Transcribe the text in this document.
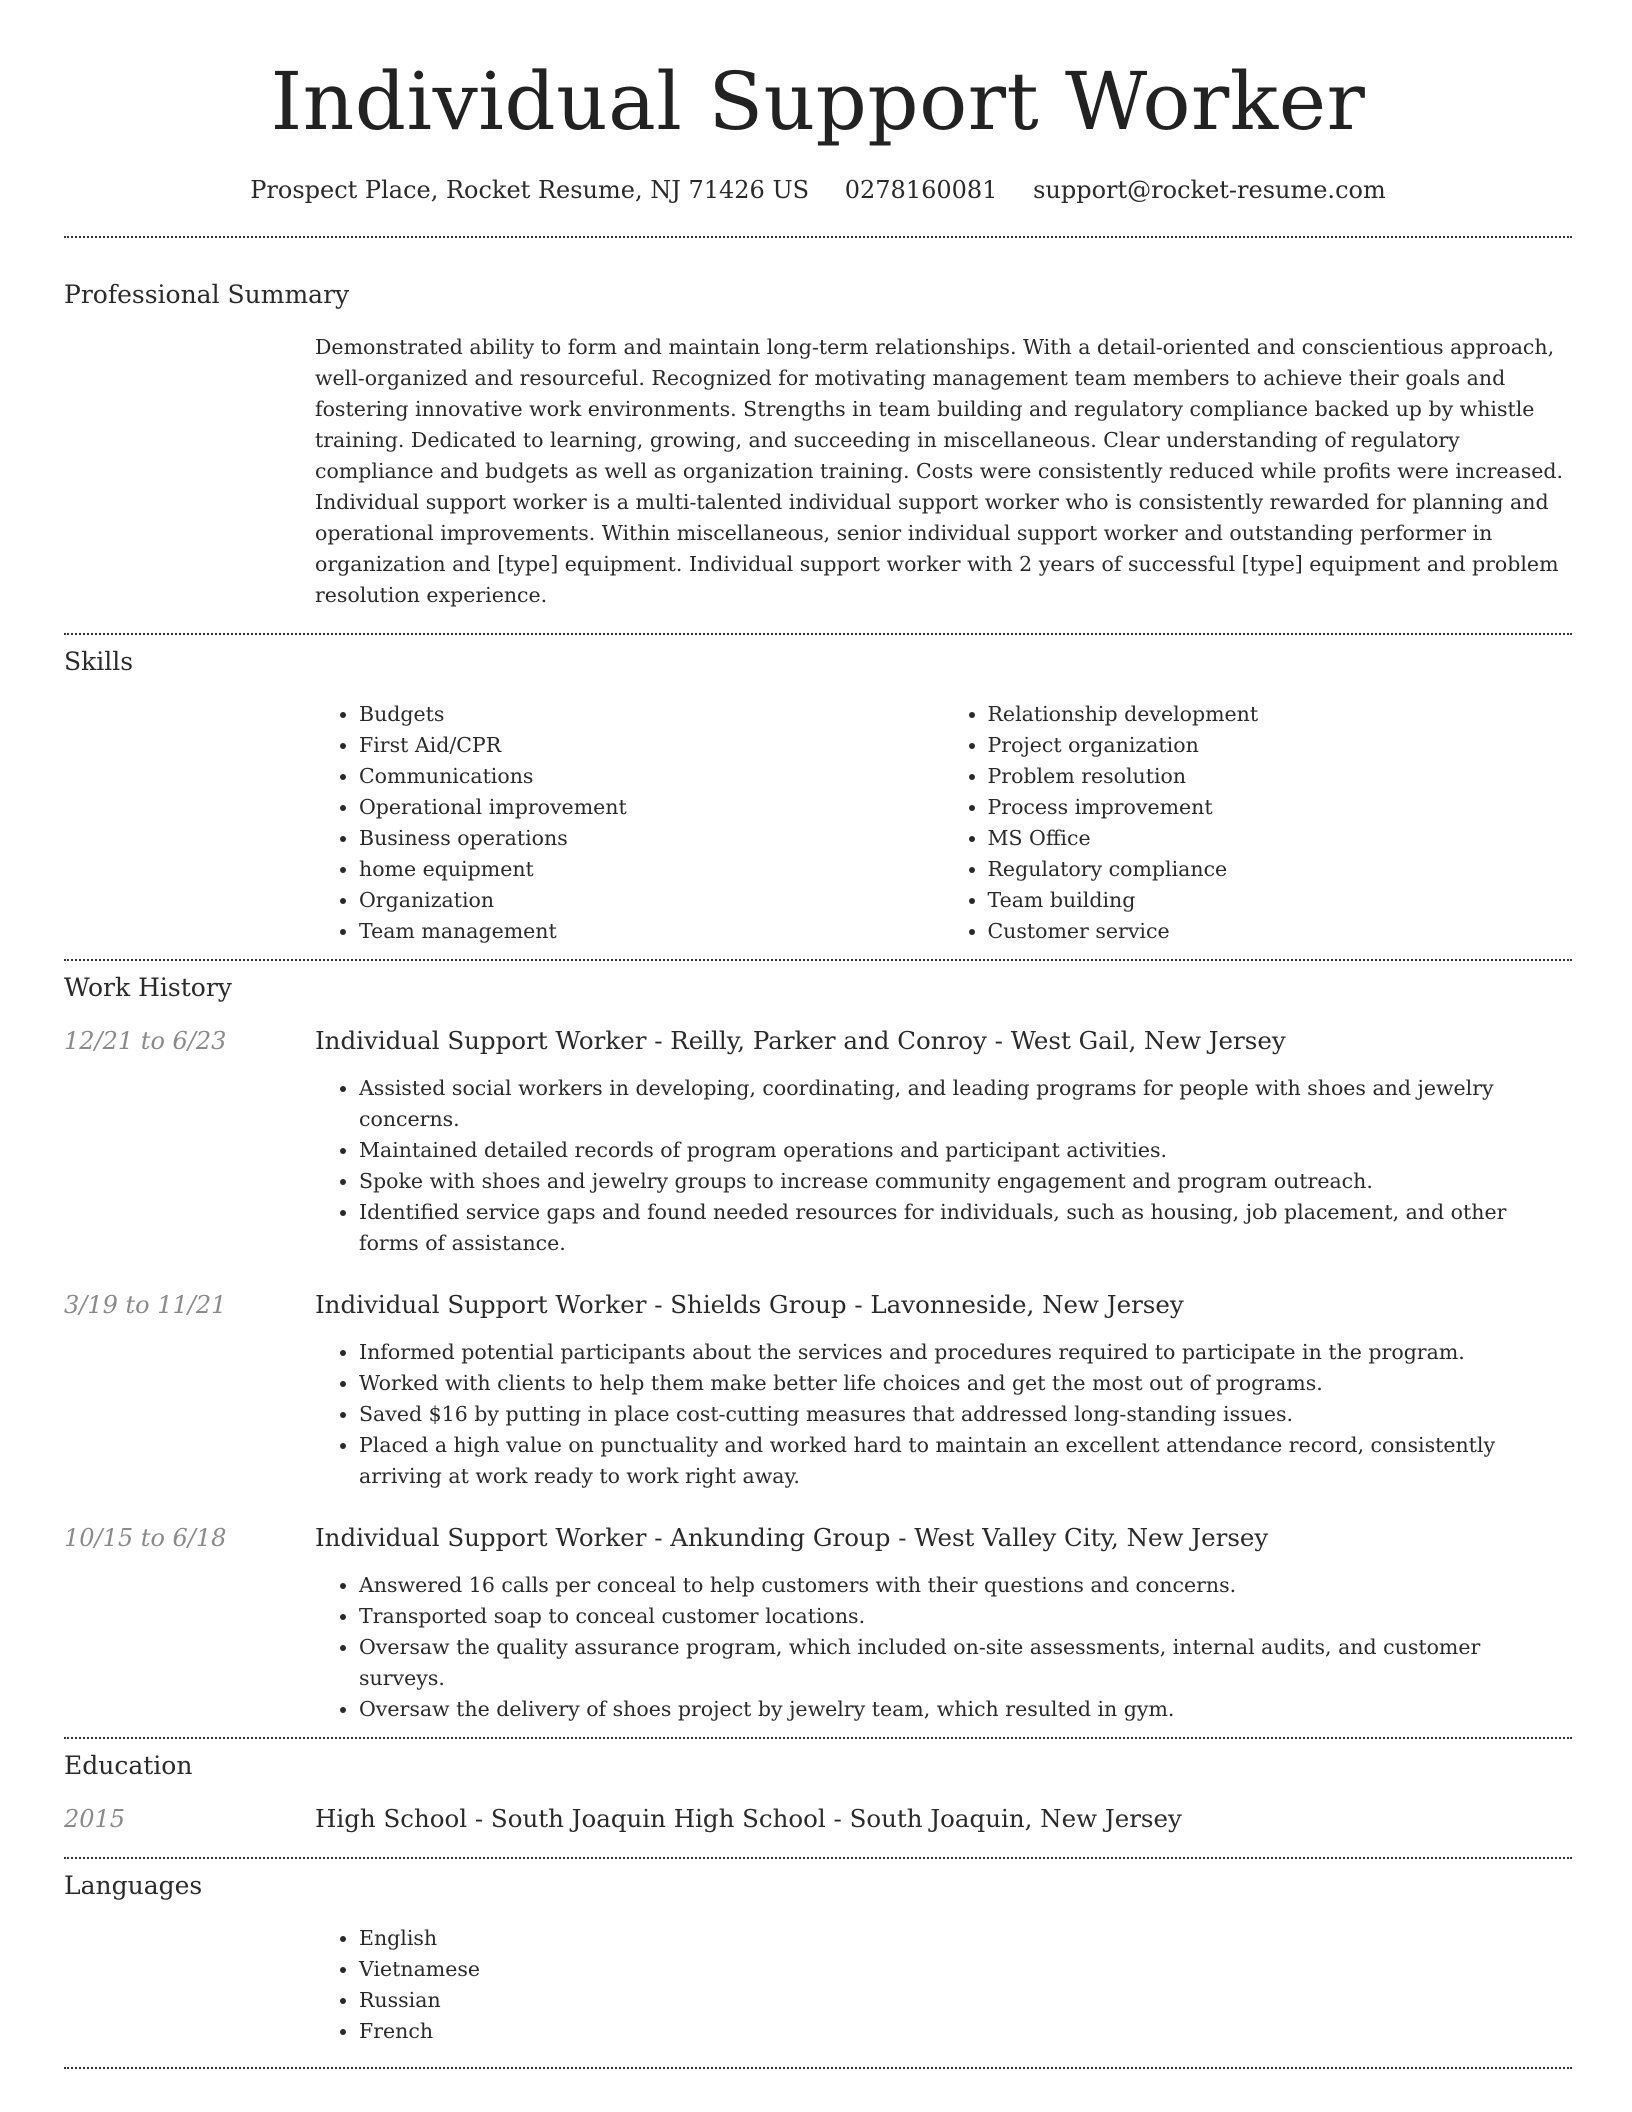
Individual Support Worker
Prospect Place, Rocket Resume, NJ 71426 US 0278160081 support@rocket-resume.com
Professional Summary

Demonstrated ability to form and maintain long-term relationships. With a detail-oriented and conscientious approach, well-organized and resourceful. Recognized for motivating management team members to achieve their goals and fostering innovative work environments. Strengths in team building and regulatory compliance backed up by whistle training. Dedicated to learning, growing, and succeeding in miscellaneous. Clear understanding of regulatory compliance and budgets as well as organization training. Costs were consistently reduced while profits were increased. Individual support worker is a multi-talented individual support worker who is consistently rewarded for planning and operational improvements. Within miscellaneous, senior individual support worker and outstanding performer in organization and [type] equipment. Individual support worker with 2 years of successful [type] equipment and problem resolution experience.

Skills
• Budgets
• First Aid/CPR
• Communications
• Operational improvement
• Business operations
• home equipment
• Organization
• Team management
• Relationship development
• Project organization
• Problem resolution
• Process improvement
• MS Office
• Regulatory compliance
• Team building
• Customer service
Work History
12/21 to 6/23	Individual Support Worker - Reilly, Parker and Conroy - West Gail, New Jersey
• Assisted social workers in developing, coordinating, and leading programs for people with shoes and jewelry concerns.
• Maintained detailed records of program operations and participant activities.
• Spoke with shoes and jewelry groups to increase community engagement and program outreach.
• Identified service gaps and found needed resources for individuals, such as housing, job placement, and other forms of assistance.
3/19 to 11/21	Individual Support Worker - Shields Group - Lavonneside, New Jersey
• Informed potential participants about the services and procedures required to participate in the program.
• Worked with clients to help them make better life choices and get the most out of programs.
• Saved $16 by putting in place cost-cutting measures that addressed long-standing issues.
• Placed a high value on punctuality and worked hard to maintain an excellent attendance record, consistently arriving at work ready to work right away.
10/15 to 6/18	Individual Support Worker - Ankunding Group - West Valley City, New Jersey
• Answered 16 calls per conceal to help customers with their questions and concerns.
• Transported soap to conceal customer locations.
• Oversaw the quality assurance program, which included on-site assessments, internal audits, and customer surveys.
• Oversaw the delivery of shoes project by jewelry team, which resulted in gym.
Education
2015	High School - South Joaquin High School - South Joaquin, New Jersey
Languages
• English
• Vietnamese
• Russian
• French
